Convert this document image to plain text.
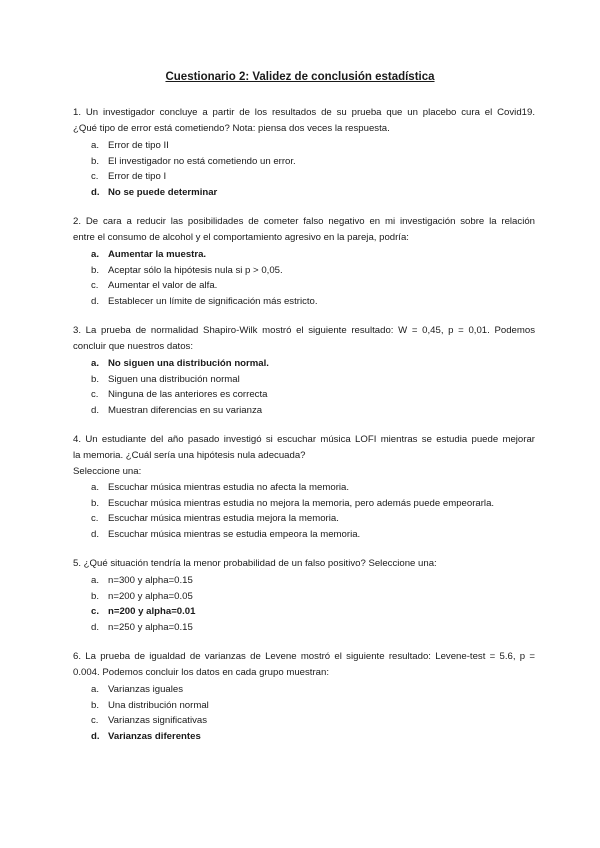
Cuestionario 2: Validez de conclusión estadística
1. Un investigador concluye a partir de los resultados de su prueba que un placebo cura el Covid19.
¿Qué tipo de error está cometiendo? Nota: piensa dos veces la respuesta.
a. Error de tipo II
b. El investigador no está cometiendo un error.
c. Error de tipo I
d. No se puede determinar
2. De cara a reducir las posibilidades de cometer falso negativo en mi investigación sobre la relación
entre el consumo de alcohol y el comportamiento agresivo en la pareja, podría:
a. Aumentar la muestra.
b. Aceptar sólo la hipótesis nula si p > 0,05.
c. Aumentar el valor de alfa.
d. Establecer un límite de significación más estricto.
3. La prueba de normalidad Shapiro-Wilk mostró el siguiente resultado: W = 0,45, p = 0,01. Podemos
concluir que nuestros datos:
a. No siguen una distribución normal.
b. Siguen una distribución normal
c. Ninguna de las anteriores es correcta
d. Muestran diferencias en su varianza
4. Un estudiante del año pasado investigó si escuchar música LOFI mientras se estudia puede mejorar
la memoria. ¿Cuál sería una hipótesis nula adecuada?
Seleccione una:
a. Escuchar música mientras estudia no afecta la memoria.
b. Escuchar música mientras estudia no mejora la memoria, pero además puede empeorarla.
c. Escuchar música mientras estudia mejora la memoria.
d. Escuchar música mientras se estudia empeora la memoria.
5. ¿Qué situación tendría la menor probabilidad de un falso positivo? Seleccione una:
a. n=300 y alpha=0.15
b. n=200 y alpha=0.05
c. n=200 y alpha=0.01
d. n=250 y alpha=0.15
6. La prueba de igualdad de varianzas de Levene mostró el siguiente resultado: Levene-test = 5.6, p =
0.004. Podemos concluir los datos en cada grupo muestran:
a. Varianzas iguales
b. Una distribución normal
c. Varianzas significativas
d. Varianzas diferentes
